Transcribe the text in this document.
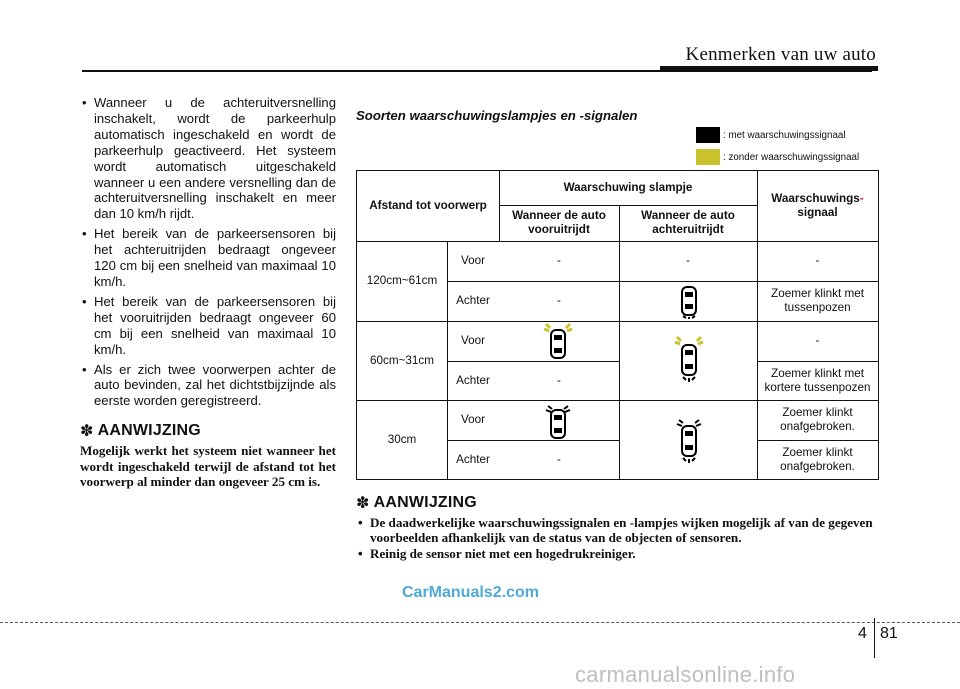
Kenmerken van uw auto
• Wanneer u de achteruitversnelling inschakelt, wordt de parkeerhulp automatisch ingeschakeld en wordt de parkeerhulp geactiveerd. Het systeem wordt automatisch uitgeschakeld wanneer u een andere versnelling dan de achteruitversnelling inschakelt en meer dan 10 km/h rijdt.
• Het bereik van de parkeersensoren bij het achteruitrijden bedraagt ongeveer 120 cm bij een snelheid van maximaal 10 km/h.
• Het bereik van de parkeersensoren bij het vooruitrijden bedraagt ongeveer 60 cm bij een snelheid van maximaal 10 km/h.
• Als er zich twee voorwerpen achter de auto bevinden, zal het dichtstbijzijnde als eerste worden geregistreerd.
✽ AANWIJZING
Mogelijk werkt het systeem niet wanneer het wordt ingeschakeld terwijl de afstand tot het voorwerp al minder dan ongeveer 25 cm is.
Soorten waarschuwingslampjes en -signalen
: met waarschuwingssignaal
: zonder waarschuwingssignaal
Afstand tot voorwerp
Waarschuwing slampje
Wanneer de auto vooruitrijdt
Wanneer de auto achteruitrijdt
Waarschuwings-
signaal
120cm~61cm
Voor
Achter
-	-	-
-
Zoemer klinkt met tussenpozen
60cm~31cm
Voor
Achter
-
-
Zoemer klinkt met kortere tussenpozen
30cm
Voor
Achter
Zoemer klinkt onafgebroken.
-
Zoemer klinkt onafgebroken.
✽ AANWIJZING
• De daadwerkelijke waarschuwingssignalen en -lampjes wijken mogelijk af van de gegeven voorbeelden afhankelijk van de status van de objecten of sensoren.
• Reinig de sensor niet met een hogedrukreiniger.
CarManuals2.com
4 81
carmanualsonline.info
